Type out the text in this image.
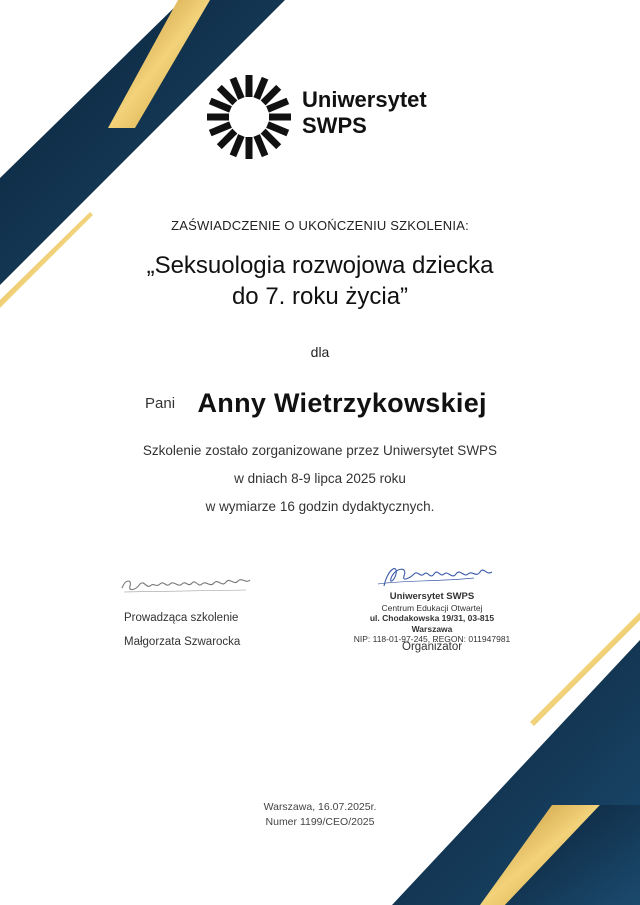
Uniwersytet
SWPS
ZAŚWIADCZENIE O UKOŃCZENIU SZKOLENIA:
„Seksuologia rozwojowa dziecka
do 7. roku życia”
dla
Pani Anny Wietrzykowskiej
Szkolenie zostało zorganizowane przez Uniwersytet SWPS
w dniach 8-9 lipca 2025 roku
w wymiarze 16 godzin dydaktycznych.
Prowadząca szkolenie
Małgorzata Szwarocka
Uniwersytet SWPS
Centrum Edukacji Otwartej
ul. Chodakowska 19/31, 03-815 Warszawa
NIP: 118-01-97-245, REGON: 011947981
Organizator
Warszawa, 16.07.2025r.
Numer 1199/CEO/2025
